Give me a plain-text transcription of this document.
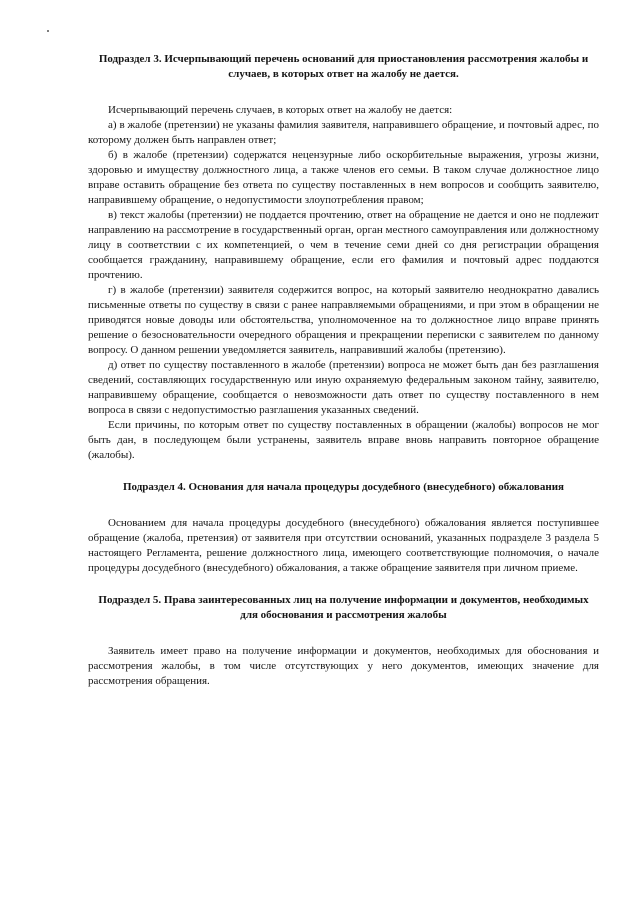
Подраздел 3. Исчерпывающий перечень оснований для приостановления рассмотрения жалобы и случаев, в которых ответ на жалобу не дается.

Исчерпывающий перечень случаев, в которых ответ на жалобу не дается:

а) в жалобе (претензии) не указаны фамилия заявителя, направившего обращение, и почтовый адрес, по которому должен быть направлен ответ;

б) в жалобе (претензии) содержатся нецензурные либо оскорбительные выражения, угрозы жизни, здоровью и имуществу должностного лица, а также членов его семьи. В таком случае должностное лицо вправе оставить обращение без ответа по существу поставленных в нем вопросов и сообщить заявителю, направившему обращение, о недопустимости злоупотребления правом;

в) текст жалобы (претензии) не поддается прочтению, ответ на обращение не дается и оно не подлежит направлению на рассмотрение в государственный орган, орган местного самоуправления или должностному лицу в соответствии с их компетенцией, о чем в течение семи дней со дня регистрации обращения сообщается гражданину, направившему обращение, если его фамилия и почтовый адрес поддаются прочтению.

г) в жалобе (претензии) заявителя содержится вопрос, на который заявителю неоднократно давались письменные ответы по существу в связи с ранее направляемыми обращениями, и при этом в обращении не приводятся новые доводы или обстоятельства, уполномоченное на то должностное лицо вправе принять решение о безосновательности очередного обращения и прекращении переписки с заявителем по данному вопросу. О данном решении уведомляется заявитель, направивший жалобы (претензию).

д) ответ по существу поставленного в жалобе (претензии) вопроса не может быть дан без разглашения сведений, составляющих государственную или иную охраняемую федеральным законом тайну, заявителю, направившему обращение, сообщается о невозможности дать ответ по существу поставленного в нем вопроса в связи с недопустимостью разглашения указанных сведений.

Если причины, по которым ответ по существу поставленных в обращении (жалобы) вопросов не мог быть дан, в последующем были устранены, заявитель вправе вновь направить повторное обращение (жалобы).

Подраздел 4. Основания для начала процедуры досудебного (внесудебного) обжалования

Основанием для начала процедуры досудебного (внесудебного) обжалования является поступившее обращение (жалоба, претензия) от заявителя при отсутствии оснований, указанных подразделе 3 раздела 5 настоящего Регламента, решение должностного лица, имеющего соответствующие полномочия, о начале процедуры досудебного (внесудебного) обжалования, а также обращение заявителя при личном приеме.

Подраздел 5. Права заинтересованных лиц на получение информации и документов, необходимых для обоснования и рассмотрения жалобы

Заявитель имеет право на получение информации и документов, необходимых для обоснования и рассмотрения жалобы, в том числе отсутствующих у него документов, имеющих значение для рассмотрения обращения.
